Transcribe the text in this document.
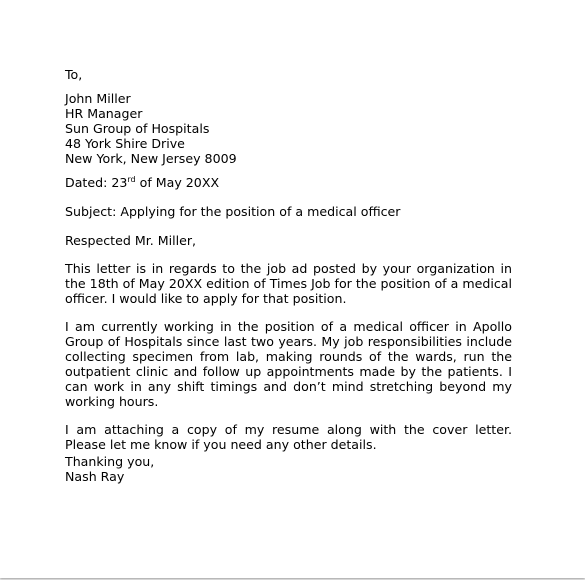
To,
John Miller
HR Manager
Sun Group of Hospitals
48 York Shire Drive
New York, New Jersey 8009
Dated: 23rd of May 20XX
Subject: Applying for the position of a medical officer
Respected Mr. Miller,
This letter is in regards to the job ad posted by your organization in the 18th of May 20XX edition of Times Job for the position of a medical officer. I would like to apply for that position.
I am currently working in the position of a medical officer in Apollo Group of Hospitals since last two years. My job responsibilities include collecting specimen from lab, making rounds of the wards, run the outpatient clinic and follow up appointments made by the patients. I can work in any shift timings and don’t mind stretching beyond my working hours.
I am attaching a copy of my resume along with the cover letter. Please let me know if you need any other details.
Thanking you,
Nash Ray
